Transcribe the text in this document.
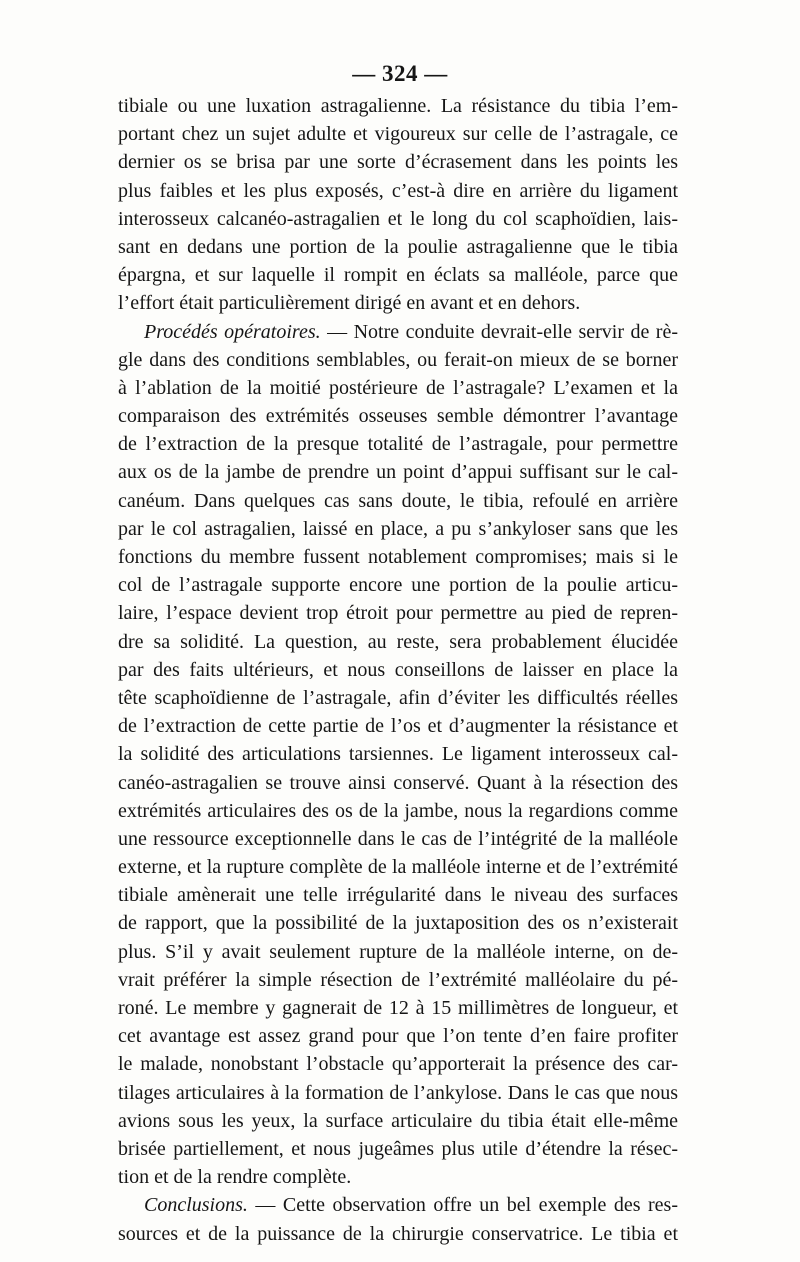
— 324 —
tibiale ou une luxation astragalienne. La résistance du tibia l’em-
portant chez un sujet adulte et vigoureux sur celle de l’astragale, ce
dernier os se brisa par une sorte d’écrasement dans les points les
plus faibles et les plus exposés, c’est-à dire en arrière du ligament
interosseux calcanéo-astragalien et le long du col scaphoïdien, lais-
sant en dedans une portion de la poulie astragalienne que le tibia
épargna, et sur laquelle il rompit en éclats sa malléole, parce que
l’effort était particulièrement dirigé en avant et en dehors.
Procédés opératoires. — Notre conduite devrait-elle servir de rè-
gle dans des conditions semblables, ou ferait-on mieux de se borner
à l’ablation de la moitié postérieure de l’astragale? L’examen et la
comparaison des extrémités osseuses semble démontrer l’avantage
de l’extraction de la presque totalité de l’astragale, pour permettre
aux os de la jambe de prendre un point d’appui suffisant sur le cal-
canéum. Dans quelques cas sans doute, le tibia, refoulé en arrière
par le col astragalien, laissé en place, a pu s’ankyloser sans que les
fonctions du membre fussent notablement compromises; mais si le
col de l’astragale supporte encore une portion de la poulie articu-
laire, l’espace devient trop étroit pour permettre au pied de repren-
dre sa solidité. La question, au reste, sera probablement élucidée
par des faits ultérieurs, et nous conseillons de laisser en place la
tête scaphoïdienne de l’astragale, afin d’éviter les difficultés réelles
de l’extraction de cette partie de l’os et d’augmenter la résistance et
la solidité des articulations tarsiennes. Le ligament interosseux cal-
canéo-astragalien se trouve ainsi conservé. Quant à la résection des
extrémités articulaires des os de la jambe, nous la regardions comme
une ressource exceptionnelle dans le cas de l’intégrité de la malléole
externe, et la rupture complète de la malléole interne et de l’extrémité
tibiale amènerait une telle irrégularité dans le niveau des surfaces
de rapport, que la possibilité de la juxtaposition des os n’existerait
plus. S’il y avait seulement rupture de la malléole interne, on de-
vrait préférer la simple résection de l’extrémité malléolaire du pé-
roné. Le membre y gagnerait de 12 à 15 millimètres de longueur, et
cet avantage est assez grand pour que l’on tente d’en faire profiter
le malade, nonobstant l’obstacle qu’apporterait la présence des car-
tilages articulaires à la formation de l’ankylose. Dans le cas que nous
avions sous les yeux, la surface articulaire du tibia était elle-même
brisée partiellement, et nous jugeâmes plus utile d’étendre la résec-
tion et de la rendre complète.
Conclusions. — Cette observation offre un bel exemple des res-
sources et de la puissance de la chirurgie conservatrice. Le tibia et
